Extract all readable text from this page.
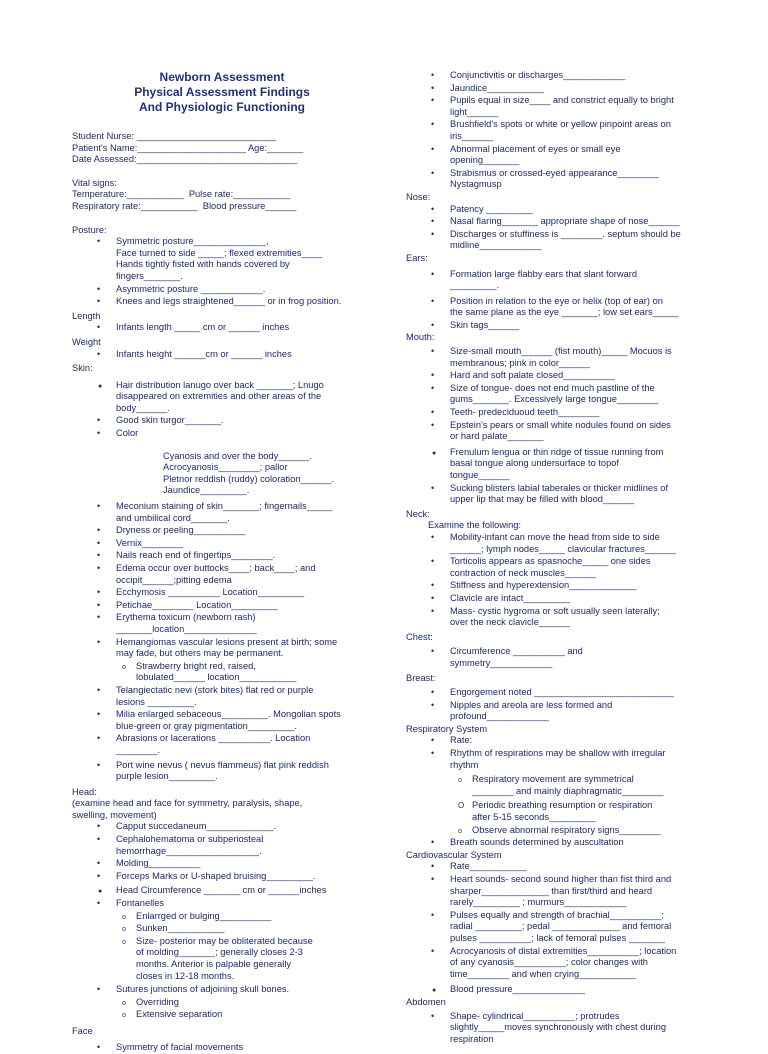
Newborn Assessment
Physical Assessment Findings
And Physiologic Functioning
Student Nurse: ___________________________
Patient's Name:_____________________ Age:_______
Date Assessed:_______________________________
Vital signs:
Temperature:___________  Pulse rate:___________
Respiratory rate:___________  Blood pressure______
Posture:
• Symmetric posture______________,
Face turned to side _____; flexed extremities____
Hands tightly fisted with hands covered by
fingers_______.
• Asymmetric posture ____________.
• Knees and legs straightened______ or in frog position.
Length
• Infants length _____ cm or ______ inches
Weight
• Infants height ______cm or ______ inches
Skin:
● Hair distribution lanugo over back _______; Lnugo
disappeared on extremities and other areas of the
body______.
• Good skin turgor_______.
• Color
Cyanosis and over the body______.
Acrocyanosis________; pallor
Pletnor reddish (ruddy) coloration______.
Jaundice_________.
• Meconium staining of skin_______; fingernails_____
and umbilical cord_______.
• Dryness or peeling__________
• Vernix________
• Nails reach end of fingertips________.
• Edema occur over buttocks____; back____; and
occipit______;pitting edema
• Ecchymosis __________ Location_________
• Petichae________ Location_________
• Erythema toxicum (newborn rash)
_______location______________
• Hemangiomas vascular lesions present at birth; some
may fade, but others may be permanent.
o Strawberry bright red, raised,
lobulated______ location___________
• Telangiectatic nevi (stork bites) flat red or purple
lesions _________.
• Milia enlarged sebaceous_________. Mongolian spots
blue-green or gray pigmentation_________.
• Abrasions or lacerations __________. Location
________.
• Port wine nevus ( nevus flammeus) flat pink reddish
purple lesion_________.
Head:
(examine head and face for symmetry, paralysis, shape,
swelling, movement)
• Capput succedaneum_____________.
• Cephalohematoma or subperiosteal
hemorrhage__________________.
• Molding__________
• Forceps Marks or U-shaped bruising_________.
● Head Circumference _______ cm or ______inches
• Fontanelles
o Enlarrged or bulging__________
o Sunken___________
o Size- posterior may be obliterated because
of molding_______; generally closes 2-3
months. Anterior is palpable generally
closes in 12-18 months.
• Sutures junctions of adjoining skull bones.
o Overriding
o Extensive separation
Face
• Symmetry of facial movements
• Conjunctivitis or discharges____________
• Jaundice___________
• Pupils equal in size____ and constrict equally to bright
light______
• Brushfield's spots or white or yellow pinpoint areas on
iris______
• Abnormal placement of eyes or small eye
opening_______
• Strabismus or crossed-eyed appearance________
Nystagmusp
Nose:
• Patency _________
• Nasal flaring_______ appropriate shape of nose______
• Discharges or stuffiness is ________. septum should be
midline____________
Ears:
• Formation large flabby ears that slant forward
_________.
• Position in relation to the eye or helix (top of ear) on
the same plane as the eye _______; low set ears_____
• Skin tags______
Mouth:
• Size-small mouth______ (fist mouth)_____ Mocuos is
membranous; pink in color______
• Hard and soft palate closed__________
• Size of tongue- does not end much pastline of the
gums_______. Excessively large tongue________
• Teeth- predeciduoud teeth________
• Epstein's pears or small white nodules found on sides
or hard palate_______
● Frenulum lengua or thin ridge of tissue running from
basal tongue along undersurface to topof
tongue______
• Sucking blisters labial taberales or thicker midlines of
upper lip that may be filled with blood______
Neck:
Examine the following:
• Mobility-infant can move the head from side to side
______; lymph nodes_____ clavicular fractures______
• Torticolis appears as spasnoche_____ one sides
contraction of neck muscles______
• Stiffness and hyperextension_____________
• Clavicle are intact_________
• Mass- cystic hygroma or soft usually seen laterally;
over the neck clavicle______
Chest:
• Circumference __________ and
symmetry____________
Breast:
• Engorgement noted ___________________________
• Nipples and areola are less formed and
profound____________
Respiratory System
• Rate:
• Rhythm of respirations may be shallow with irregular
rhythm
o Respiratory movement are symmetrical
________ and mainly diaphragmatic________
O Periodic breathing resumption or respiration
after 5-15 seconds_________
o Observe abnormal respiratory signs________
• Breath sounds determined by auscultation
Cardiovascular System
• Rate___________
• Heart sounds- second sound higher than fist third and
sharper_____________ than first/third and heard
rarely_________ ; murmurs____________
• Pulses equally and strength of brachial__________;
radial _________; pedal _____________ and femoral
pulses __________; lack of femoral pulses _______
• Acrocyanosis of distal extremities__________; location
of any cyanosis__________; color changes with
time________ and when crying___________
● Blood pressure______________
Abdomen
• Shape- cylindrical__________; protrudes
slightly_____moves synchronously with chest during
respiration
